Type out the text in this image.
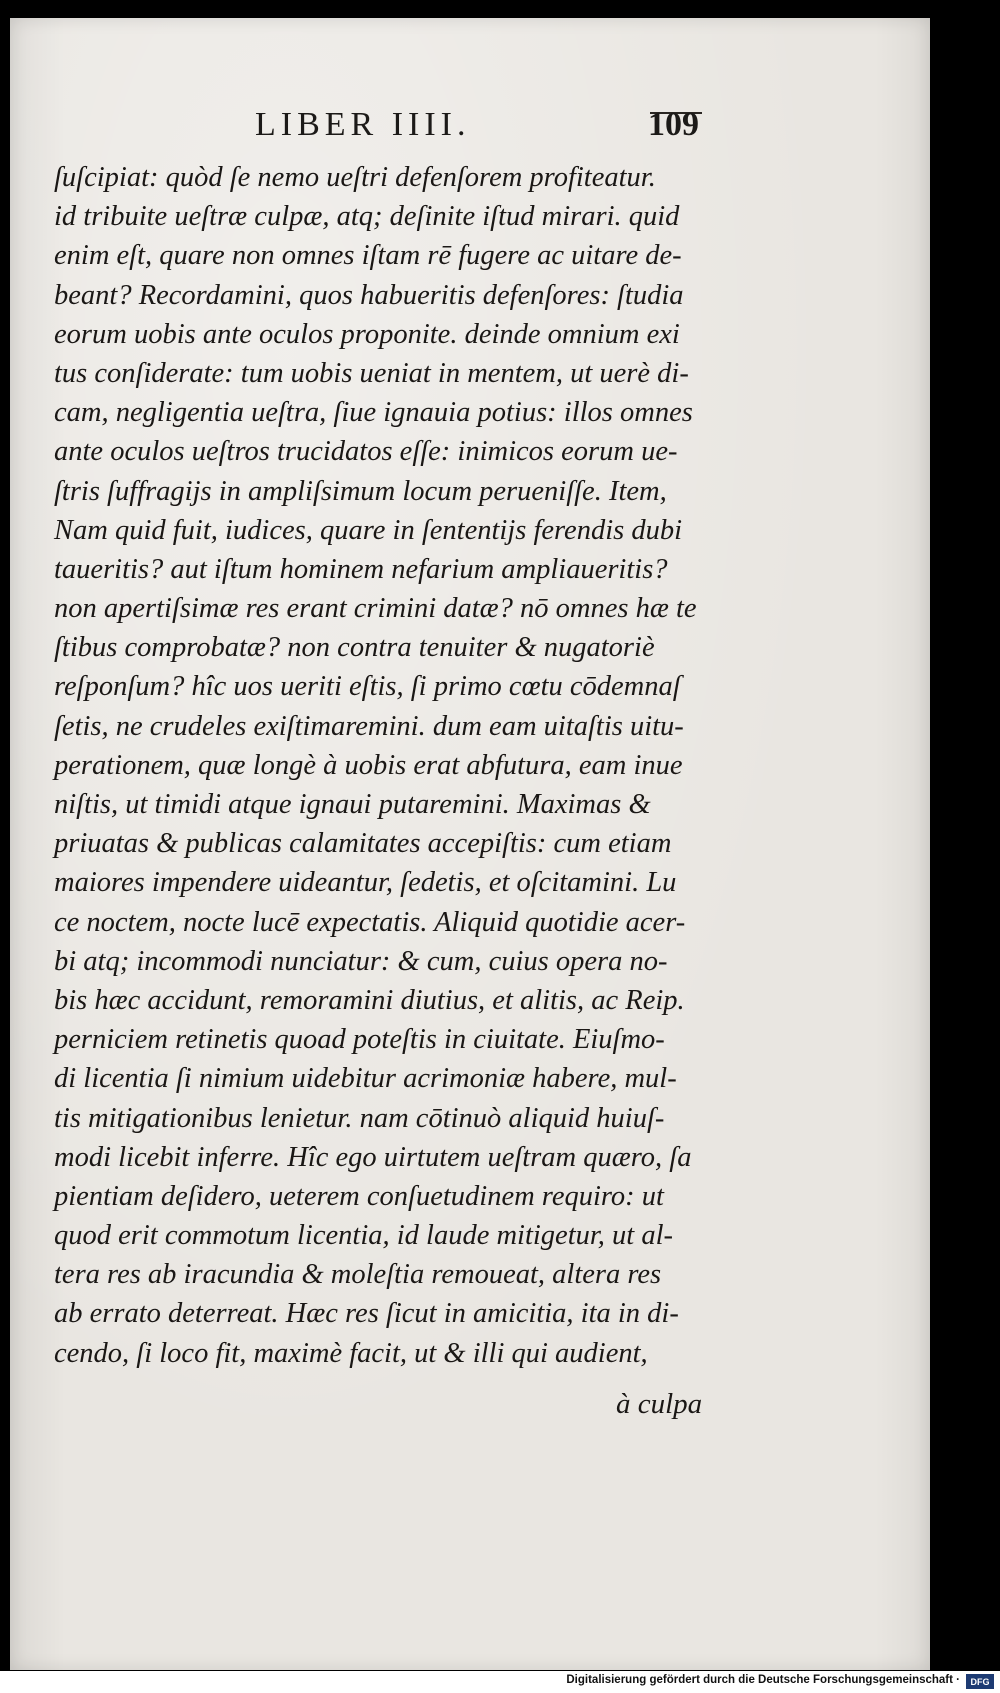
LIBER IIII.	109
ſuſcipiat: quòd ſe nemo ueſtri defenſorem profiteatur.
id tribuite ueſtræ culpæ, atq; deſinite iſtud mirari. quid
enim eſt, quare non omnes iſtam rē fugere ac uitare de-
beant? Recordamini, quos habueritis defenſores: ſtudia
eorum uobis ante oculos proponite. deinde omnium exi
tus conſiderate: tum uobis ueniat in mentem, ut uerè di-
cam, negligentia ueſtra, ſiue ignauia potius: illos omnes
ante oculos ueſtros trucidatos eſſe: inimicos eorum ue-
ſtris ſuffragijs in ampliſsimum locum perueniſſe. Item,
Nam quid fuit, iudices, quare in ſententijs ferendis dubi
taueritis? aut iſtum hominem nefarium ampliaueritis?
non apertiſsimæ res erant crimini datæ? nō omnes hæ te
ſtibus comprobatæ? non contra tenuiter & nugatoriè
reſponſum? hîc uos ueriti eſtis, ſi primo cœtu cōdemnaſ
ſetis, ne crudeles exiſtimaremini. dum eam uitaſtis uitu-
perationem, quæ longè à uobis erat abfutura, eam inue
niſtis, ut timidi atque ignaui putaremini. Maximas &
priuatas & publicas calamitates accepiſtis: cum etiam
maiores impendere uideantur, ſedetis, et oſcitamini. Lu
ce noctem, nocte lucē expectatis. Aliquid quotidie acer-
bi atq; incommodi nunciatur: & cum, cuius opera no-
bis hæc accidunt, remoramini diutius, et alitis, ac Reip.
perniciem retinetis quoad poteſtis in ciuitate. Eiuſmo-
di licentia ſi nimium uidebitur acrimoniæ habere, mul-
tis mitigationibus lenietur. nam cōtinuò aliquid huiuſ-
modi licebit inferre. Hîc ego uirtutem ueſtram quæro, ſa
pientiam deſidero, ueterem conſuetudinem requiro: ut
quod erit commotum licentia, id laude mitigetur, ut al-
tera res ab iracundia & moleſtia remoueat, altera res
ab errato deterreat. Hæc res ſicut in amicitia, ita in di-
cendo, ſi loco fit, maximè facit, ut & illi qui audient,
à culpa
Digitalisierung gefördert durch die Deutsche Forschungsgemeinschaft ·	DFG
